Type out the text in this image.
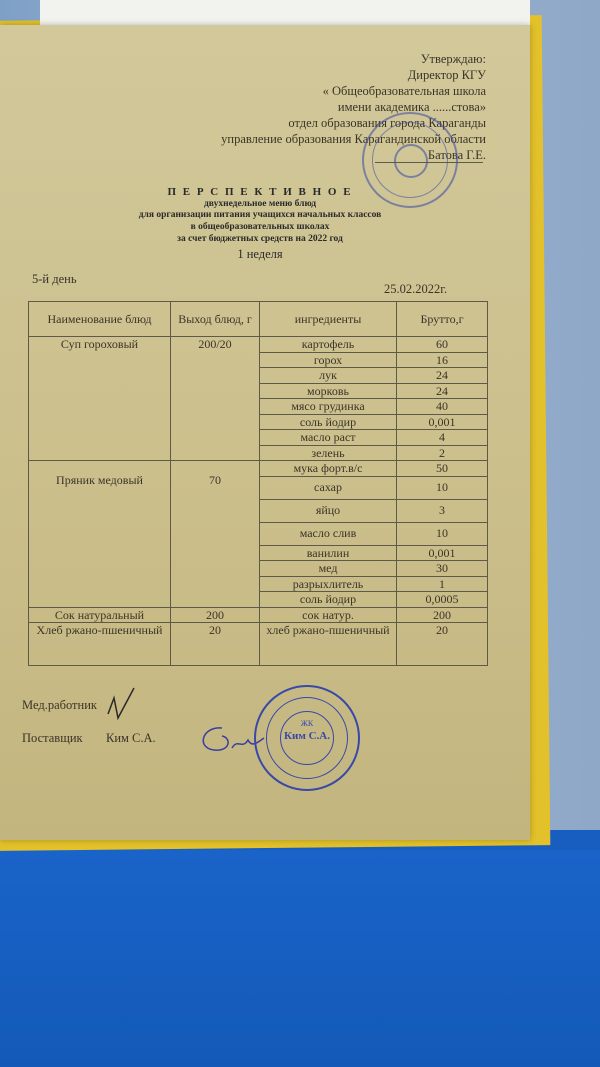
Утверждаю:
Директор КГУ
« Общеобразовательная школа
имени академика ......стова»
отдел образования города Караганды
управление образования Карагандинской области
Батова Г.Е.
П Е Р С П Е К Т И В Н О Е
двухнедельное меню блюд
для организации питания учащихся начальных классов
в общеобразовательных школах
за счет бюджетных средств на 2022 год
1 неделя
5-й день
25.02.2022г.
Наименование блюд	Выход блюд, г	ингредиенты	Брутто,г
Суп гороховый	200/20	картофель	60
		горох	16
		лук	24
		морковь	24
		мясо грудинка	40
		соль йодир	0,001
		масло раст	4
		зелень	2
Пряник медовый	70	мука форт.в/с	50
		сахар	10
		яйцо	3
		масло слив	10
		ванилин	0,001
		мед	30
		разрыхлитель	1
		соль йодир	0,0005
Сок натуральный	200	сок натур.	200
Хлеб ржано-пшеничный	20	хлеб ржано-пшеничный	20
Мед.работник
Поставщик Ким С.А.
ЖК
Ким С.А.
